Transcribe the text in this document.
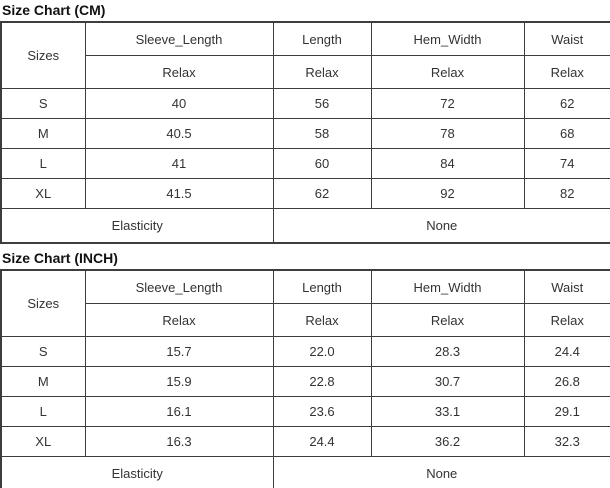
Size Chart (CM)
Sizes	Sleeve_Length	Length	Hem_Width	Waist
	Relax	Relax	Relax	Relax
S	40	56	72	62
M	40.5	58	78	68
L	41	60	84	74
XL	41.5	62	92	82
Elasticity		None		
Size Chart (INCH)
Sizes	Sleeve_Length	Length	Hem_Width	Waist
	Relax	Relax	Relax	Relax
S	15.7	22.0	28.3	24.4
M	15.9	22.8	30.7	26.8
L	16.1	23.6	33.1	29.1
XL	16.3	24.4	36.2	32.3
Elasticity		None		
